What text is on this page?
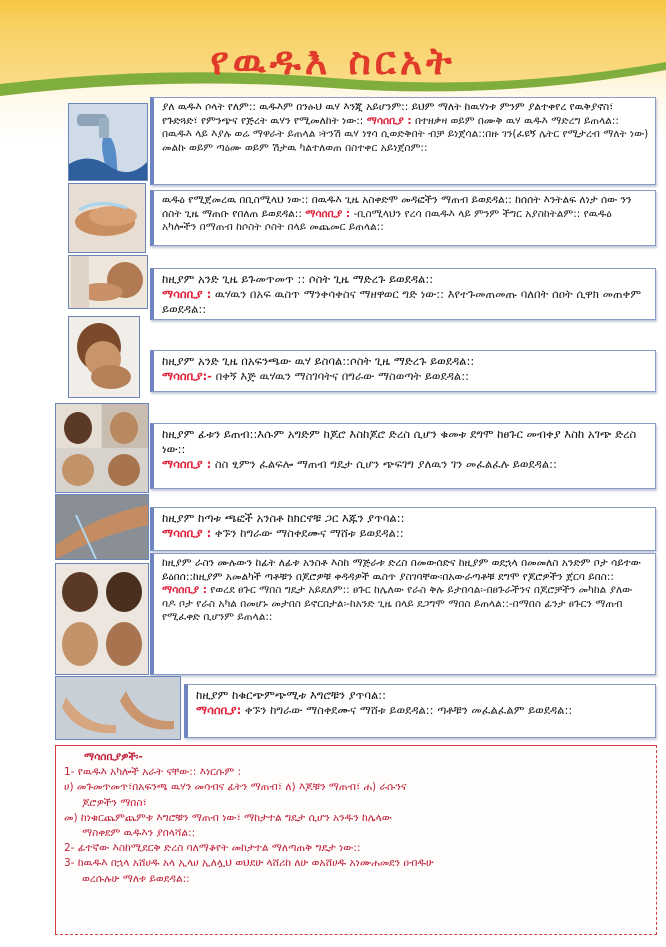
የዉዱእ ስርአት
ያለ ዉዱእ ሶላት የለም:: ዉዱእም በንፁህ ዉሃ እንጂ አይሆንም:: ይህም ማለት ከዉሃነቱ ምንም ያልተቀየረ የዉቅያኖስ፣ የጉድጓድ፣ የምንጭና የጅረት ዉሃን የሚመለከት ነው:: ማሳሰቢያ : በተዘቃዛ ወይም በሙቅ ዉሃ ዉዱእ ማድረግ ይጠላል:: በዉዱእ ላይ እያሉ ወሬ ማዋራት ይጠላል ፡ትንሽ ዉሃ ነፃሳ ሲወድቅበት ብቻ ይነጀሳል::በዙ ገን(ፈዩኝ ሌትር የሚታረብ ማለት ነው) መልኩ ወይም ጣዕሙ ወይም ሽታዉ ካልተለወጠ በስተቀር አይነጀስም::
ዉዱዕ የሚጀመረዉ በቢስሚላህ ነው:: በዉዱእ ጊዜ አስቀድሞ መዳፎችን ማጠብ ይወደዳል:: ከሰሰት እንትልፍ ለነታ ሰው ንን ሰስት ጊዜ ማጠቡ የበለጠ ይወደዳል:: ማሳሰቢያ : -ቢስሚላህን የረሳ በዉዱእ ላይ ምንም ችግር አያስከትልም:: የዉዱዕ አካሎችን በማጠብ ከሶስት ሶስት በላይ መጨመር ይጠላል::
ከዚያም አንድ ጊዜ ይጉመጥመጥ :: ሶስት ጊዜ ማድረጉ ይወደዳል::
ማሳሰቢያ : ዉሃዉን በአፍ ዉስጥ ማንቀሳቀስና ማዘዋወር ግድ ነው:: እየተጉመጠመጡ ባለበት ሰዐት ሲዋክ መጠቀም ይወደዳል::
ከዚያም አንድ ጊዜ በአፍንጫው ዉሃ ይስባል::ሶስት ጊዜ ማድረጉ ይወደዳል::
ማሳሰቢያ:- በቀኝ እጅ ዉሃዉን ማስገባትና በግራው ማስወጣት ይወደዳል::
ከዚያም ፊቱን ይጠብ::እሱም አግድም ከጆሮ እስከጆሮ ድረስ ሲሆን ቁመቱ ደግሞ ከፀጉር መብቀያ እስከ አገጭ ድረስ ነው::
ማሳሰቢያ : ስስ ፂምን ፈልፍሎ ማጠብ ግዴታ ሲሆን ጭፍገግ ያለዉን ገን መፈልፈሉ ይወደዳል::
ከዚያም ከጣቱ ጫፎች አንስቶ ከክርኖቹ ጋር እጁን ያጥባል::
ማሳሰቢያ : ቀኙን ከግራው ማስቀደሙና ማሸቱ ይወደዳል::
ከዚያም ራስን ሙሉውን ከፊት ለፊቱ አንስቶ እስከ ማጅራቱ ድረስ በመውሰድና ከዚያም ወደኋላ በመመለስ አንድም ቦታ ሳይተው ይዕበሰ::ከዚያም አመልካች ጣቶቹን በጆሮዎቹ ቀዳዳዎች ዉስጥ ያስገባቸው፡በአውራጣቶቹ ደግሞ የጆሮዎችን ጀርባ ይበስ::
ማሳሰቢያ : የወረደ ፀጉር ማበስ ግዴታ አይደለም:: ፀጉር ከሌለው የራስ ቅሉ ይታበሳል፡-በፀጉራችንና በጆሮቻችን መካከል ያለው ባዶ ቦታ የራስ አካል በመሆኑ መታበስ ይኖርበታል፡-ከአንድ ጊዜ በላይ ደጋግሞ ማበስ ይጠላል::-በማበስ ፊንታ ፀጉርን ማጠብ የሚፈቀድ ቢሆንም ይጠላል::
ከዚያም ከቁርጭምጭሚቱ እግሮቹን ያጥባል::
ማሳሰቢያ: ቀኙን ከግራው ማስቀደሙና ማሸቱ ይወደዳል:: ጣቶቹን መፈልፈልም ይወደዳል::
ማሳሰቢያዎች፡-
1- የዉዱእ አካሎች አራት ናቸው:: እነርሱም :
ሀ) መጉመጥመጥ፣በአፍንጫ ዉሃን መሳብና ፊትን ማጠብ፣ ለ) እጆቹን ማጠብ፣ ሐ) ራሱንና
ጆሮዎችን ማበስ፣
መ) ከነቁርጨምጨምቱ እግሮቹን ማጠብ ነው፣ ማከታተል ግዴታ ሲሆን አንዱን ከሌላው
ማስቀደም ዉዱእን ያበላሻል::
2- ፊተኛው እስከሚደርቅ ድረስ ባለማቆየት መከታተል ማለጣጠቅ ግዴታ ነው::
3- ከዉዱእ በኋላ አሸሀዱ አላ ኢላሀ ኢለሏህ ወህደሁ ላሸሪከ ለሁ ወአሸሀዱ አነሙሐመደን ዐብዱሁ
ወረሱሉሁ ማለቱ ይወደዳል::
